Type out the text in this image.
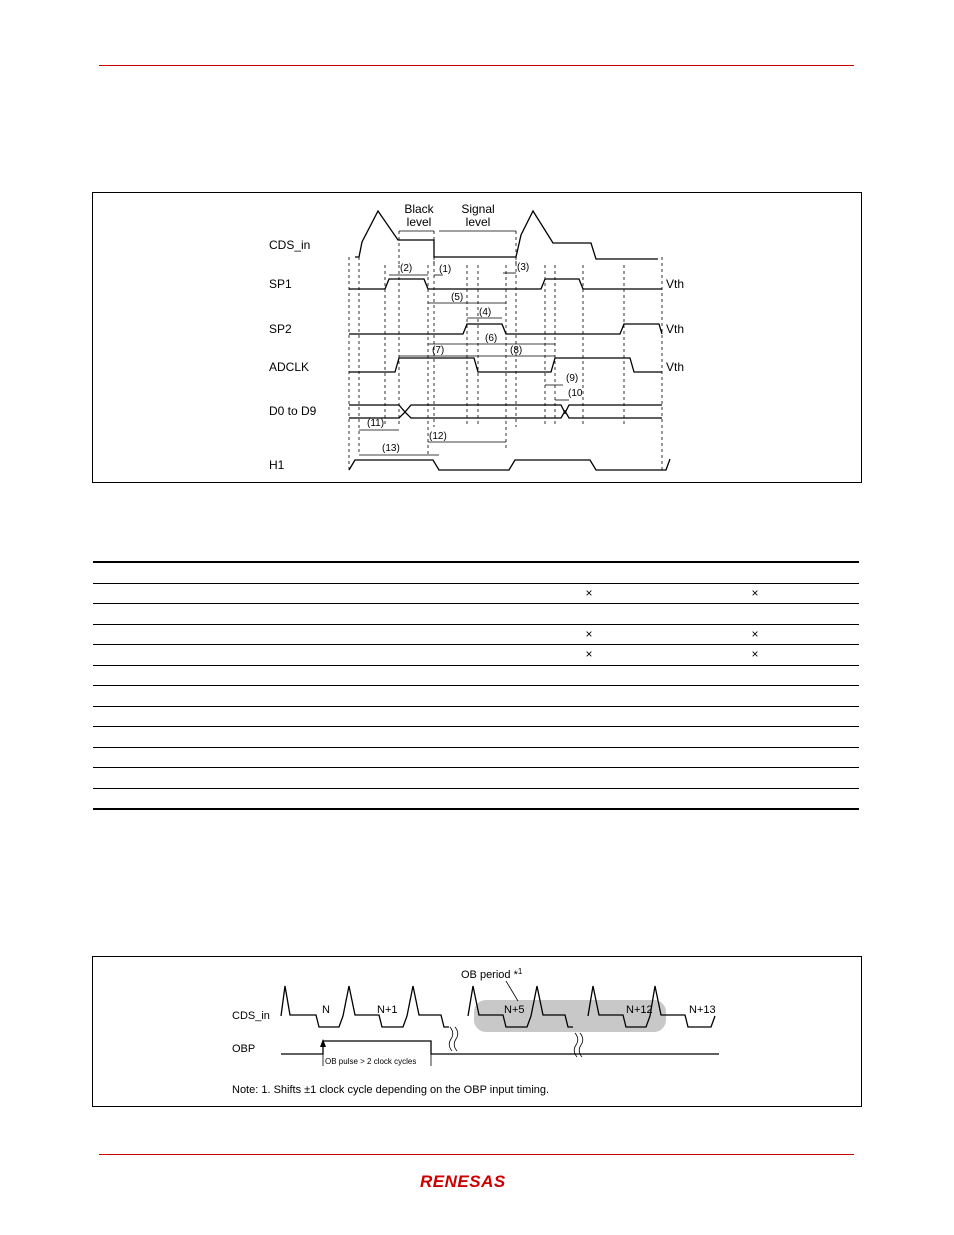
Black
level
Signal
level
CDS_in
SP1
SP2
ADCLK
D0 to D9
H1
Vth
Vth
Vth
(1)
(2)	(3)
(4)
(5)
(6)
(7)	(8)
(9)
(10
(11)
(12)
(13)
×	×
×	×
×	×
OB period *$^1$
CDS_in
OBP
N	N+1	N+5	N+12	N+13
Note: 1. Shifts ±1 clock cycle depending on the OBP input timing.
OB pulse > 2 clock cycles
RENESAS
